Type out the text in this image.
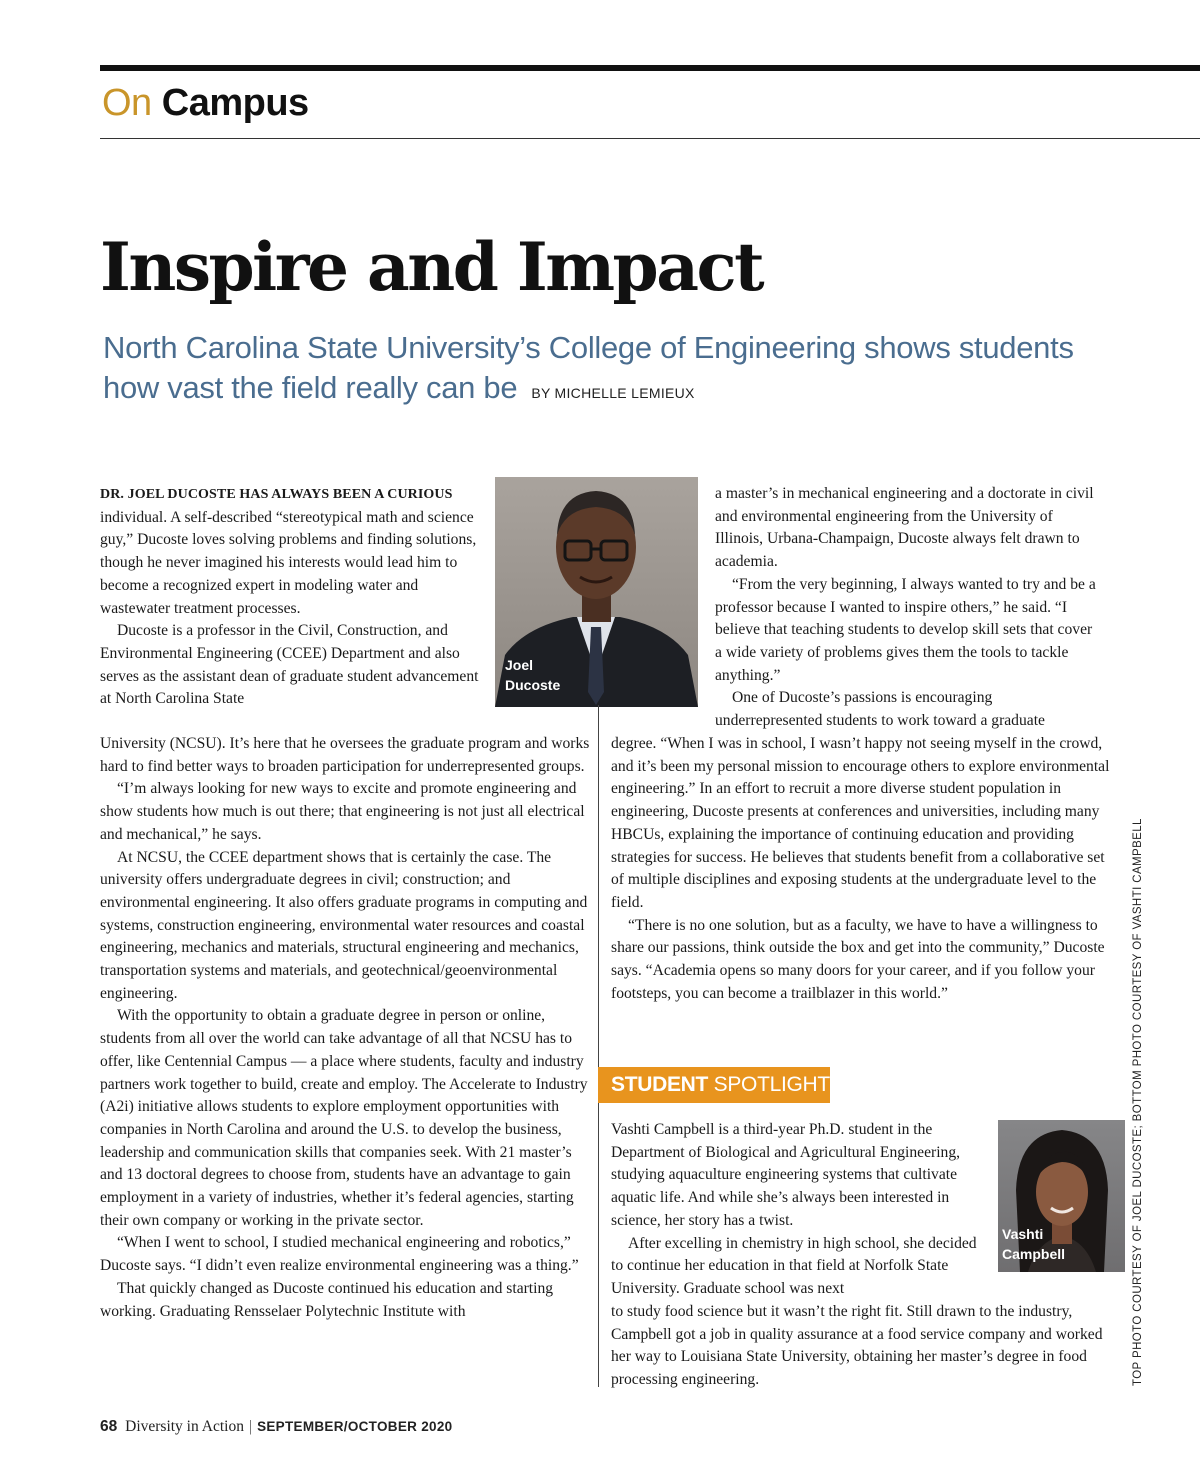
On Campus
Inspire and Impact
North Carolina State University’s College of Engineering shows students how vast the field really can be BY MICHELLE LEMIEUX

DR. JOEL DUCOSTE HAS ALWAYS BEEN A CURIOUS individual. A self-described “stereotypical math and science guy,” Ducoste loves solving problems and finding solutions, though he never imagined his interests would lead him to become a recognized expert in modeling water and wastewater treatment processes.

Ducoste is a professor in the Civil, Construction, and Environmental Engineering (CCEE) Department and also serves as the assistant dean of graduate student advancement at North Carolina State

University (NCSU). It’s here that he oversees the graduate program and works hard to find better ways to broaden participation for underrepresented groups.

“I’m always looking for new ways to excite and promote engineering and show students how much is out there; that engineering is not just all electrical and mechanical,” he says.

At NCSU, the CCEE department shows that is certainly the case. The university offers undergraduate degrees in civil; construction; and environmental engineering. It also offers graduate programs in computing and systems, construction engineering, environmental water resources and coastal engineering, mechanics and materials, structural engineering and mechanics, transportation systems and materials, and geotechnical/geoenvironmental engineering.

With the opportunity to obtain a graduate degree in person or online, students from all over the world can take advantage of all that NCSU has to offer, like Centennial Campus — a place where students, faculty and industry partners work together to build, create and employ. The Accelerate to Industry (A2i) initiative allows students to explore employment opportunities with companies in North Carolina and around the U.S. to develop the business, leadership and communication skills that companies seek. With 21 master’s and 13 doctoral degrees to choose from, students have an advantage to gain employment in a variety of industries, whether it’s federal agencies, starting their own company or working in the private sector.

“When I went to school, I studied mechanical engineering and robotics,” Ducoste says. “I didn’t even realize environmental engineering was a thing.”

That quickly changed as Ducoste continued his education and starting working. Graduating Rensselaer Polytechnic Institute with

Joel Ducoste

a master’s in mechanical engineering and a doctorate in civil and environmental engineering from the University of Illinois, Urbana-Champaign, Ducoste always felt drawn to academia.

“From the very beginning, I always wanted to try and be a professor because I wanted to inspire others,” he said. “I believe that teaching students to develop skill sets that cover a wide variety of problems gives them the tools to tackle anything.”

One of Ducoste’s passions is encouraging underrepresented students to work toward a graduate

degree. “When I was in school, I wasn’t happy not seeing myself in the crowd, and it’s been my personal mission to encourage others to explore environmental engineering.” In an effort to recruit a more diverse student population in engineering, Ducoste presents at conferences and universities, including many HBCUs, explaining the importance of continuing education and providing strategies for success. He believes that students benefit from a collaborative set of multiple disciplines and exposing students at the undergraduate level to the field.

“There is no one solution, but as a faculty, we have to have a willingness to share our passions, think outside the box and get into the community,” Ducoste says. “Academia opens so many doors for your career, and if you follow your footsteps, you can become a trailblazer in this world.”

STUDENT SPOTLIGHT

Vashti Campbell is a third-year Ph.D. student in the Department of Biological and Agricultural Engineering, studying aquaculture engineering systems that cultivate aquatic life. And while she’s always been interested in science, her story has a twist.

After excelling in chemistry in high school, she decided to continue her education in that field at Norfolk State University. Graduate school was next

Vashti Campbell

to study food science but it wasn’t the right fit. Still drawn to the industry, Campbell got a job in quality assurance at a food service company and worked her way to Louisiana State University, obtaining her master’s degree in food processing engineering.	TOP PHOTO COURTESY OF JOEL DUCOSTE; BOTTOM PHOTO COURTESY OF VASHTI CAMPBELL
68 Diversity in Action | SEPTEMBER/OCTOBER 2020
